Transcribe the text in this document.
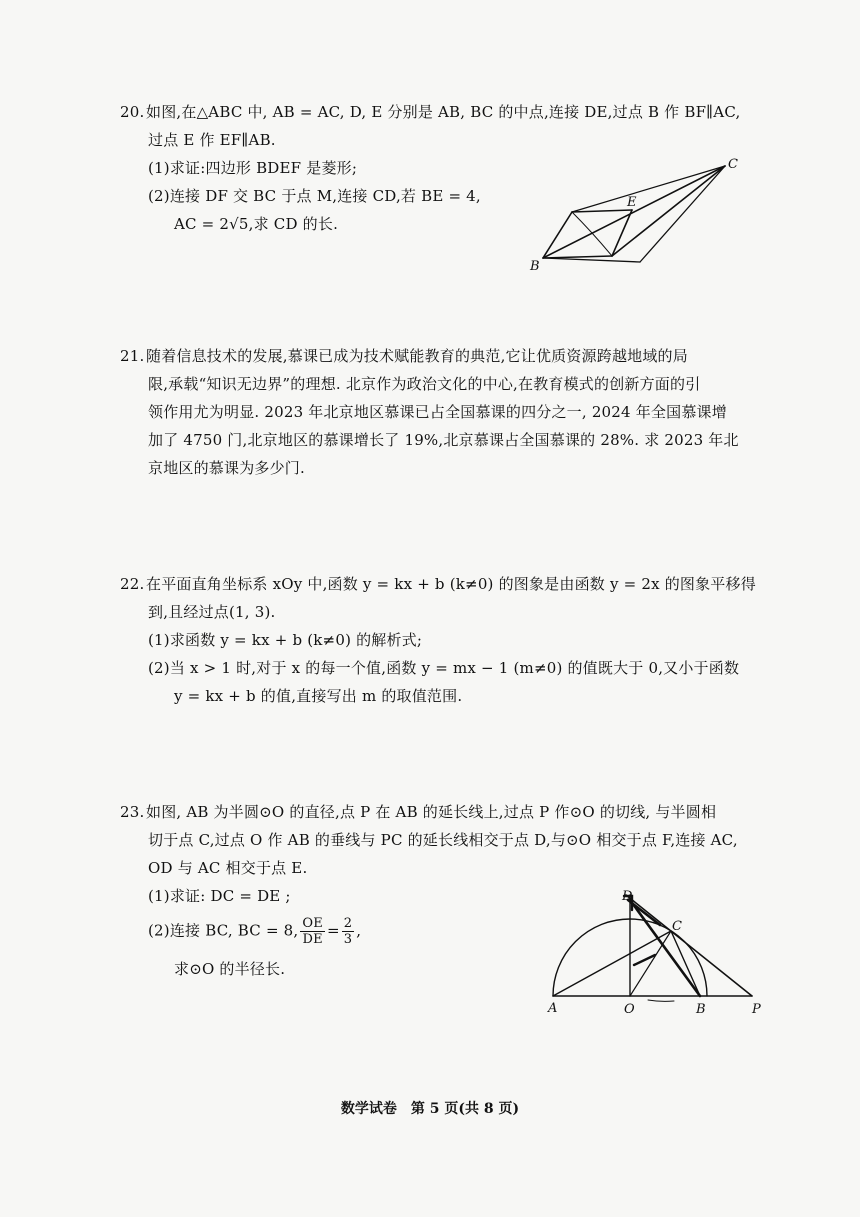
20. 如图,在△ABC 中, AB = AC, D, E 分别是 AB, BC 的中点,连接 DE,过点 B 作 BF∥AC,

过点 E 作 EF∥AB.

(1)求证:四边形 BDEF 是菱形;

(2)连接 DF 交 BC 于点 M,连接 CD,若 BE = 4,

AC = 2√5,求 CD 的长.

C
E
B

21. 随着信息技术的发展,慕课已成为技术赋能教育的典范,它让优质资源跨越地域的局

限,承载“知识无边界”的理想. 北京作为政治文化的中心,在教育模式的创新方面的引

领作用尤为明显. 2023 年北京地区慕课已占全国慕课的四分之一, 2024 年全国慕课增

加了 4750 门,北京地区的慕课增长了 19%,北京慕课占全国慕课的 28%. 求 2023 年北

京地区的慕课为多少门.

22. 在平面直角坐标系 xOy 中,函数 y = kx + b (k≠0) 的图象是由函数 y = 2x 的图象平移得

到,且经过点(1, 3).

(1)求函数 y = kx + b (k≠0) 的解析式;

(2)当 x > 1 时,对于 x 的每一个值,函数 y = mx − 1 (m≠0) 的值既大于 0,又小于函数

y = kx + b 的值,直接写出 m 的取值范围.

23. 如图, AB 为半圆⊙O 的直径,点 P 在 AB 的延长线上,过点 P 作⊙O 的切线, 与半圆相

切于点 C,过点 O 作 AB 的垂线与 PC 的延长线相交于点 D,与⊙O 相交于点 F,连接 AC,

OD 与 AC 相交于点 E.

(1)求证: DC = DE ;

(2)连接 BC, BC = 8, $\frac{OE}{DE} = \frac{2}{3}$ ,

求⊙O 的半径长.

D
C
A	O	B	P
数学试卷　第 5 页(共 8 页)
